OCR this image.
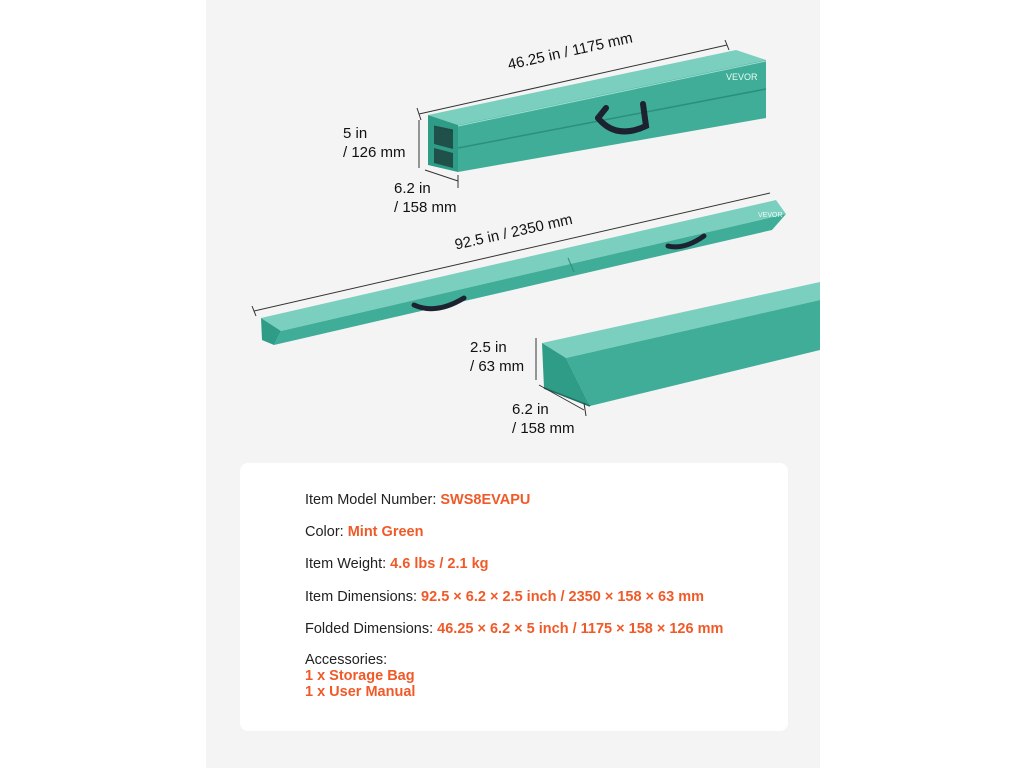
VEVOR
VEVOR
46.25 in / 1175 mm
5 in
/ 126 mm
6.2 in
/ 158 mm
92.5 in / 2350 mm
2.5 in
/ 63 mm
6.2 in
/ 158 mm
Item Model Number: SWS8EVAPU
Color: Mint Green
Item Weight: 4.6 lbs / 2.1 kg
Item Dimensions: 92.5 × 6.2 × 2.5 inch / 2350 × 158 × 63 mm
Folded Dimensions: 46.25 × 6.2 × 5 inch / 1175 × 158 × 126 mm
Accessories:
1 x Storage Bag
1 x User Manual
